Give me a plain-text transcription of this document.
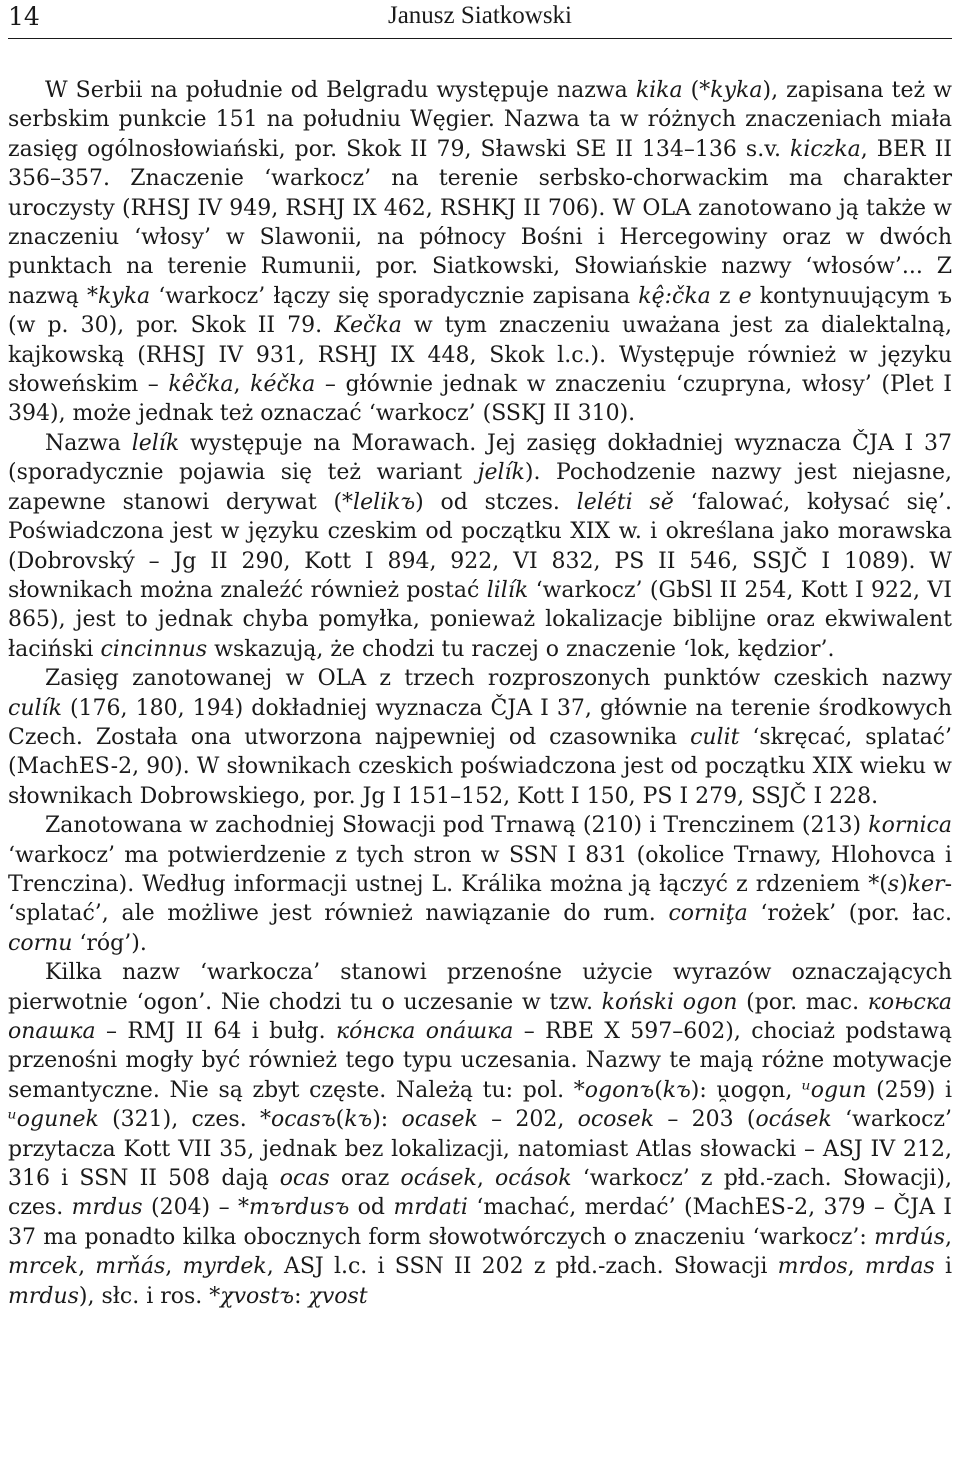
14	Janusz Siatkowski

W Serbii na południe od Belgradu występuje nazwa kika (*kyka), zapisana też w serbskim punkcie 151 na południu Węgier. Nazwa ta w różnych znaczeniach miała zasięg ogólnosłowiański, por. Skok II 79, Sławski SE II 134–136 s.v. kiczka, BER II 356–357. Znaczenie ‘warkocz’ na terenie serbsko-chorwackim ma charakter uroczysty (RHSJ IV 949, RSHJ IX 462, RSHKJ II 706). W OLA zanotowano ją także w znaczeniu ‘włosy’ w Slawonii, na północy Bośni i Hercegowiny oraz w dwóch punktach na terenie Rumunii, por. Siatkowski, Słowiańskie nazwy ‘włosów’... Z nazwą *kyka ‘warkocz’ łączy się sporadycznie zapisana kę̂:čka z e kontynuującym ъ (w p. 30), por. Skok II 79. Kečka w tym znaczeniu uważana jest za dialektalną, kajkowską (RHSJ IV 931, RSHJ IX 448, Skok l.c.). Występuje również w języku słoweńskim – kêčka, kéčka – głównie jednak w znaczeniu ‘czupryna, włosy’ (Plet I 394), może jednak też oznaczać ‘warkocz’ (SSKJ II 310).

Nazwa lelík występuje na Morawach. Jej zasięg dokładniej wyznacza ČJA I 37 (sporadycznie pojawia się też wariant jelík). Pochodzenie nazwy jest niejasne, zapewne stanowi derywat (*lelikъ) od stczes. leléti sě ‘falować, kołysać się’. Poświadczona jest w języku czeskim od początku XIX w. i określana jako morawska (Dobrovský – Jg II 290, Kott I 894, 922, VI 832, PS II 546, SSJČ I 1089). W słownikach można znaleźć również postać lilík ‘warkocz’ (GbSl II 254, Kott I 922, VI 865), jest to jednak chyba pomyłka, ponieważ lokalizacje biblijne oraz ekwiwalent łaciński cincinnus wskazują, że chodzi tu raczej o znaczenie ‘lok, kędzior’.

Zasięg zanotowanej w OLA z trzech rozproszonych punktów czeskich nazwy culík (176, 180, 194) dokładniej wyznacza ČJA I 37, głównie na terenie środkowych Czech. Została ona utworzona najpewniej od czasownika culit ‘skręcać, splatać’ (MachES-2, 90). W słownikach czeskich poświadczona jest od początku XIX wieku w słownikach Dobrowskiego, por. Jg I 151–152, Kott I 150, PS I 279, SSJČ I 228.

Zanotowana w zachodniej Słowacji pod Trnawą (210) i Trenczinem (213) kornica ‘warkocz’ ma potwierdzenie z tych stron w SSN I 831 (okolice Trnawy, Hlohovca i Trenczina). Według informacji ustnej L. Králika można ją łączyć z rdzeniem *(s)ker- ‘splatać’, ale możliwe jest również nawiązanie do rum. corniţa ‘rożek’ (por. łac. cornu ‘róg’).

Kilka nazw ‘warkocza’ stanowi przenośne użycie wyrazów oznaczających pierwotnie ‘ogon’. Nie chodzi tu o uczesanie w tzw. koński ogon (por. mac. коњска опашка – RMJ II 64 i bułg. кóнска опáшка – RBE X 597–602), chociaż podstawą przenośni mogły być również tego typu uczesania. Nazwy te mają różne motywacje semantyczne. Nie są zbyt częste. Należą tu: pol. *ogonъ(kъ): u̯ogǫn, ᵘogun (259) i ᵘogunek (321), czes. *ocasъ(kъ): ocasek – 202, ocosek – 203 (ocásek ‘warkocz’ przytacza Kott VII 35, jednak bez lokalizacji, natomiast Atlas słowacki – ASJ IV 212, 316 i SSN II 508 dają ocas oraz ocásek, ocások ‘warkocz’ z płd.-zach. Słowacji), czes. mrdus (204) – *mъrdusъ od mrdati ‘machać, merdać’ (MachES-2, 379 – ČJA I 37 ma ponadto kilka obocznych form słowotwórczych o znaczeniu ‘warkocz’: mrdús, mrcek, mrňás, myrdek, ASJ l.c. i SSN II 202 z płd.-zach. Słowacji mrdos, mrdas i mrdus), słc. i ros. *χvostъ: χvost
